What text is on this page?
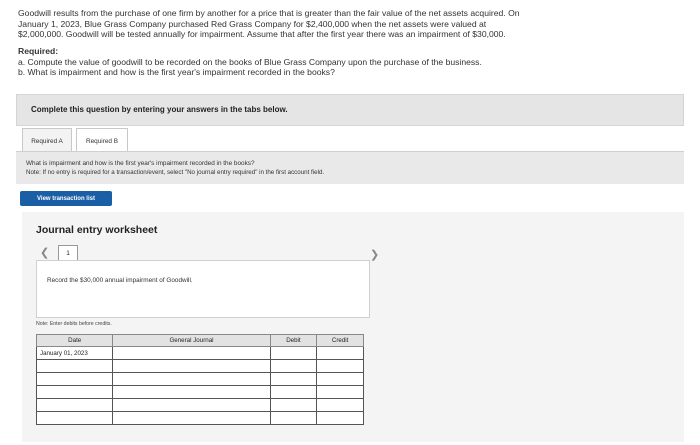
Goodwill results from the purchase of one firm by another for a price that is greater than the fair value of the net assets acquired. On

January 1, 2023, Blue Grass Company purchased Red Grass Company for $2,400,000 when the net assets were valued at

$2,000,000. Goodwill will be tested annually for impairment. Assume that after the first year there was an impairment of $30,000.

Required:

a. Compute the value of goodwill to be recorded on the books of Blue Grass Company upon the purchase of the business.

b. What is impairment and how is the first year's impairment recorded in the books?

Complete this question by entering your answers in the tabs below.
Required A	Required B
What is impairment and how is the first year's impairment recorded in the books?
Note: If no entry is required for a transaction/event, select "No journal entry required" in the first account field.
View transaction list
Journal entry worksheet
❮	1	❯
Record the $30,000 annual impairment of Goodwill.
Note: Enter debits before credits.
Date	General Journal	Debit	Credit
January 01, 2023			
